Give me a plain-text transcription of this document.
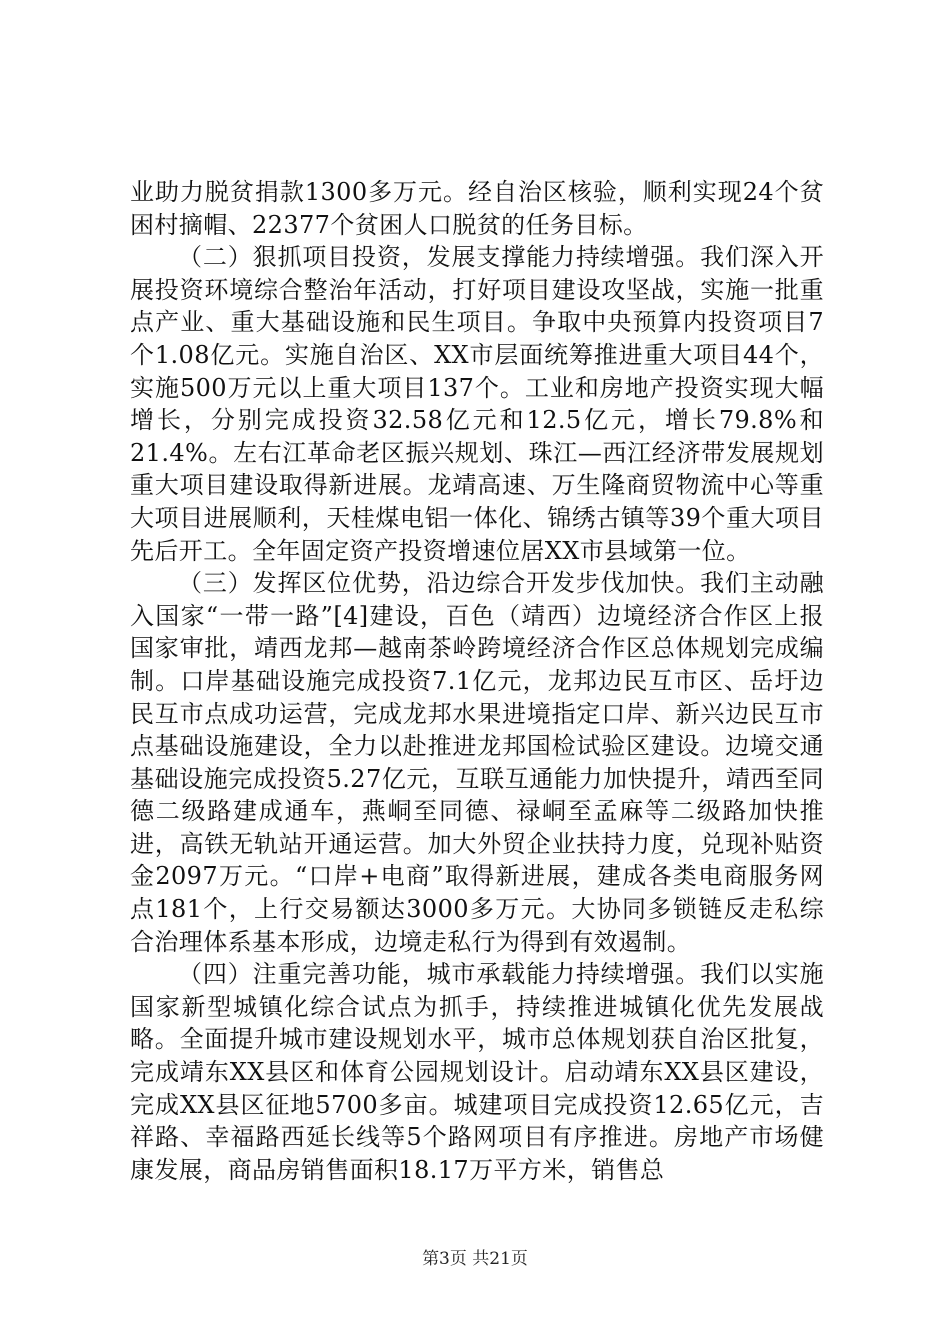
业助力脱贫捐款1300多万元。经自治区核验，顺利实现24个贫困村摘帽、22377个贫困人口脱贫的任务目标。

（二）狠抓项目投资，发展支撑能力持续增强。我们深入开展投资环境综合整治年活动，打好项目建设攻坚战，实施一批重点产业、重大基础设施和民生项目。争取中央预算内投资项目7个1.08亿元。实施自治区、XX市层面统筹推进重大项目44个，实施500万元以上重大项目137个。工业和房地产投资实现大幅增长，分别完成投资32.58亿元和12.5亿元，增长79.8%和21.4%。左右江革命老区振兴规划、珠江—西江经济带发展规划重大项目建设取得新进展。龙靖高速、万生隆商贸物流中心等重大项目进展顺利，天桂煤电铝一体化、锦绣古镇等39个重大项目先后开工。全年固定资产投资增速位居XX市县域第一位。

（三）发挥区位优势，沿边综合开发步伐加快。我们主动融入国家“一带一路”[4]建设，百色（靖西）边境经济合作区上报国家审批，靖西龙邦—越南茶岭跨境经济合作区总体规划完成编制。口岸基础设施完成投资7.1亿元，龙邦边民互市区、岳圩边民互市点成功运营，完成龙邦水果进境指定口岸、新兴边民互市点基础设施建设，全力以赴推进龙邦国检试验区建设。边境交通基础设施完成投资5.27亿元，互联互通能力加快提升，靖西至同德二级路建成通车，燕峒至同德、禄峒至孟麻等二级路加快推进，高铁无轨站开通运营。加大外贸企业扶持力度，兑现补贴资金2097万元。“口岸+电商”取得新进展，建成各类电商服务网点181个，上行交易额达3000多万元。大协同多锁链反走私综合治理体系基本形成，边境走私行为得到有效遏制。

（四）注重完善功能，城市承载能力持续增强。我们以实施国家新型城镇化综合试点为抓手，持续推进城镇化优先发展战略。全面提升城市建设规划水平，城市总体规划获自治区批复，完成靖东XX县区和体育公园规划设计。启动靖东XX县区建设，完成XX县区征地5700多亩。城建项目完成投资12.65亿元，吉祥路、幸福路西延长线等5个路网项目有序推进。房地产市场健康发展，商品房销售面积18.17万平方米，销售总

第3页 共21页
